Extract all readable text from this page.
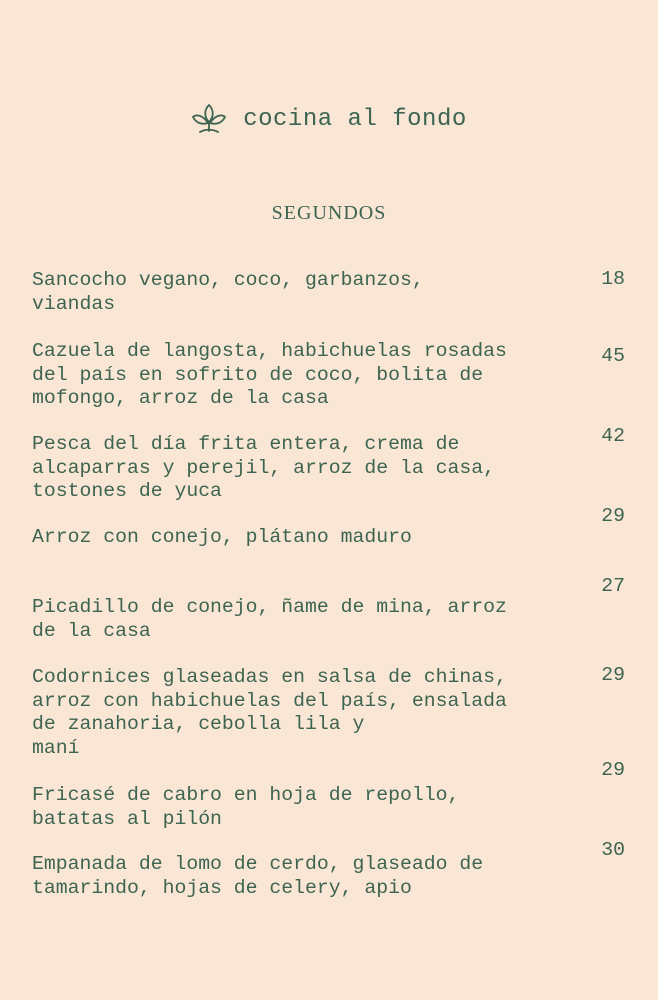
cocina al fondo
SEGUNDOS
Sancocho vegano, coco, garbanzos,
viandas
18
Cazuela de langosta, habichuelas rosadas
del país en sofrito de coco, bolita de
mofongo, arroz de la casa
45
Pesca del día frita entera, crema de
alcaparras y perejil, arroz de la casa,
tostones de yuca
42
Arroz con conejo, plátano maduro
29
Picadillo de conejo, ñame de mina, arroz
de la casa
27
Codornices glaseadas en salsa de chinas,
arroz con habichuelas del país, ensalada
de zanahoria, cebolla lila y
maní
29
Fricasé de cabro en hoja de repollo,
batatas al pilón
29
Empanada de lomo de cerdo, glaseado de
tamarindo, hojas de celery, apio
30
